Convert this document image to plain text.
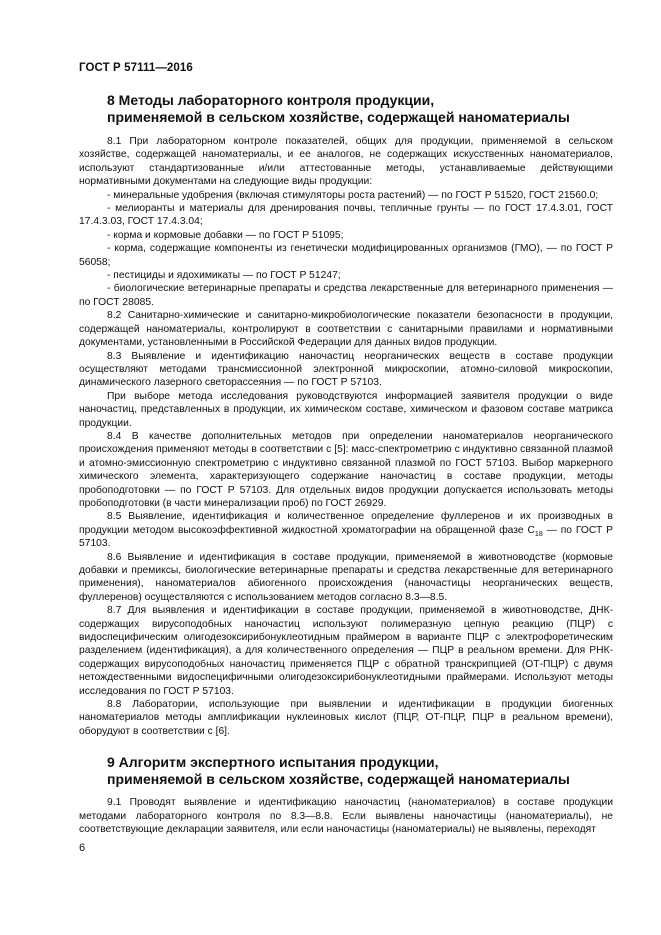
ГОСТ Р 57111—2016
8 Методы лабораторного контроля продукции,
применяемой в сельском хозяйстве, содержащей наноматериалы

8.1 При лабораторном контроле показателей, общих для продукции, применяемой в сельском хозяйстве, содержащей наноматериалы, и ее аналогов, не содержащих искусственных наноматериалов, используют стандартизованные и/или аттестованные методы, устанавливаемые действующими нормативными документами на следующие виды продукции:

- минеральные удобрения (включая стимуляторы роста растений) — по ГОСТ Р 51520, ГОСТ 21560.0;

- мелиоранты и материалы для дренирования почвы, тепличные грунты — по ГОСТ 17.4.3.01, ГОСТ 17.4.3.03, ГОСТ 17.4.3.04;

- корма и кормовые добавки — по ГОСТ Р 51095;

- корма, содержащие компоненты из генетически модифицированных организмов (ГМО), — по ГОСТ Р 56058;

- пестициды и ядохимикаты — по ГОСТ Р 51247;

- биологические ветеринарные препараты и средства лекарственные для ветеринарного применения — по ГОСТ 28085.

8.2 Санитарно-химические и санитарно-микробиологические показатели безопасности в продукции, содержащей наноматериалы, контролируют в соответствии с санитарными правилами и нормативными документами, установленными в Российской Федерации для данных видов продукции.

8.3 Выявление и идентификацию наночастиц неорганических веществ в составе продукции осуществляют методами трансмиссионной электронной микроскопии, атомно-силовой микроскопии, динамического лазерного светорассеяния — по ГОСТ Р 57103.

При выборе метода исследования руководствуются информацией заявителя продукции о виде наночастиц, представленных в продукции, их химическом составе, химическом и фазовом составе матрикса продукции.

8.4 В качестве дополнительных методов при определении наноматериалов неорганического происхождения применяют методы в соответствии с [5]: масс-спектрометрию с индуктивно связанной плазмой и атомно-эмиссионную спектрометрию с индуктивно связанной плазмой по ГОСТ 57103. Выбор маркерного химического элемента, характеризующего содержание наночастиц в составе продукции, методы пробоподготовки — по ГОСТ Р 57103. Для отдельных видов продукции допускается использовать методы пробоподготовки (в части минерализации проб) по ГОСТ 26929.

8.5 Выявление, идентификация и количественное определение фуллеренов и их производных в продукции методом высокоэффективной жидкостной хроматографии на обращенной фазе $С_{18}$ — по ГОСТ Р 57103.

8.6 Выявление и идентификация в составе продукции, применяемой в животноводстве (кормовые добавки и премиксы, биологические ветеринарные препараты и средства лекарственные для ветеринарного применения), наноматериалов абиогенного происхождения (наночастицы неорганических веществ, фуллеренов) осуществляются с использованием методов согласно 8.3—8.5.

8.7 Для выявления и идентификации в составе продукции, применяемой в животноводстве, ДНК-содержащих вирусоподобных наночастиц используют полимеразную цепную реакцию (ПЦР) с видоспецифическим олигодезоксирибонуклеотидным праймером в варианте ПЦР с электрофоретическим разделением (идентификация), а для количественного определения — ПЦР в реальном времени. Для РНК-содержащих вирусоподобных наночастиц применяется ПЦР с обратной транскрипцией (ОТ-ПЦР) с двумя нетождественными видоспецифичными олигодезоксирибонуклеотидными праймерами. Используют методы исследования по ГОСТ Р 57103.

8.8 Лаборатории, использующие при выявлении и идентификации в продукции биогенных наноматериалов методы амплификации нуклеиновых кислот (ПЦР, ОТ-ПЦР, ПЦР в реальном времени), оборудуют в соответствии с [6].

9 Алгоритм экспертного испытания продукции,
применяемой в сельском хозяйстве, содержащей наноматериалы

9.1 Проводят выявление и идентификацию наночастиц (наноматериалов) в составе продукции методами лабораторного контроля по 8.3—8.8. Если выявлены наночастицы (наноматериалы), не соответствующие декларации заявителя, или если наночастицы (наноматериалы) не выявлены, переходят

6
